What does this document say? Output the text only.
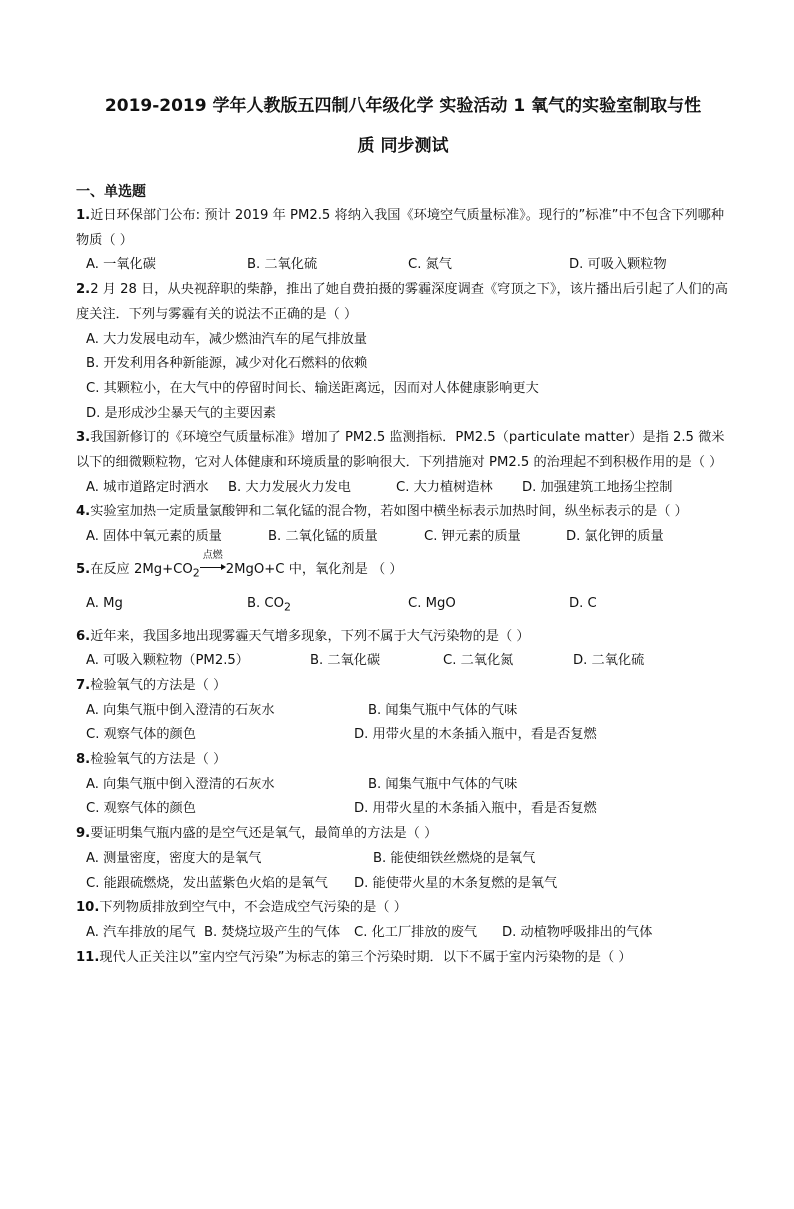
2019-2019 学年人教版五四制八年级化学 实验活动 1 氧气的实验室制取与性
质 同步测试
一、单选题
1.近日环保部门公布: 预计 2019 年 PM2.5 将纳入我国《环境空气质量标准》。现行的”标准”中不包含下列哪种物质（ ）
A. 一氧化碳	B. 二氧化硫	C. 氮气	D. 可吸入颗粒物
2.2 月 28 日，从央视辞职的柴静，推出了她自费拍摄的雾霾深度调查《穹顶之下》，该片播出后引起了人们的高度关注．下列与雾霾有关的说法不正确的是（ ）
A. 大力发展电动车，减少燃油汽车的尾气排放量
B. 开发利用各种新能源，减少对化石燃料的依赖
C. 其颗粒小，在大气中的停留时间长、输送距离远，因而对人体健康影响更大
D. 是形成沙尘暴天气的主要因素
3.我国新修订的《环境空气质量标准》增加了 PM2.5 监测指标．PM2.5（particulate matter）是指 2.5 微米以下的细微颗粒物，它对人体健康和环境质量的影响很大．下列措施对 PM2.5 的治理起不到积极作用的是（ ）
A. 城市道路定时洒水	B. 大力发展火力发电	C. 大力植树造林	D. 加强建筑工地扬尘控制
4.实验室加热一定质量氯酸钾和二氧化锰的混合物，若如图中横坐标表示加热时间，纵坐标表示的是（ ）
A. 固体中氧元素的质量	B. 二氧化锰的质量	C. 钾元素的质量	D. 氯化钾的质量
5.在反应 $2Mg+CO_2$
点燃
2MgO+C 中，氧化剂是 （ ）
A. Mg	B. $CO_2$	C. MgO	D. C
6.近年来，我国多地出现雾霾天气增多现象，下列不属于大气污染物的是（ ）
A. 可吸入颗粒物（PM2.5）	B. 二氧化碳	C. 二氧化氮	D. 二氧化硫
7.检验氧气的方法是（ ）
A. 向集气瓶中倒入澄清的石灰水	B. 闻集气瓶中气体的气味
C. 观察气体的颜色	D. 用带火星的木条插入瓶中，看是否复燃
8.检验氧气的方法是（ ）
A. 向集气瓶中倒入澄清的石灰水	B. 闻集气瓶中气体的气味
C. 观察气体的颜色	D. 用带火星的木条插入瓶中，看是否复燃
9.要证明集气瓶内盛的是空气还是氧气，最简单的方法是（ ）
A. 测量密度，密度大的是氧气	B. 能使细铁丝燃烧的是氧气
C. 能跟硫燃烧，发出蓝紫色火焰的是氧气	D. 能使带火星的木条复燃的是氧气
10.下列物质排放到空气中，不会造成空气污染的是（ ）
A. 汽车排放的尾气 B. 焚烧垃圾产生的气体	C. 化工厂排放的废气	D. 动植物呼吸排出的气体
11.现代人正关注以”室内空气污染”为标志的第三个污染时期．以下不属于室内污染物的是（ ）
